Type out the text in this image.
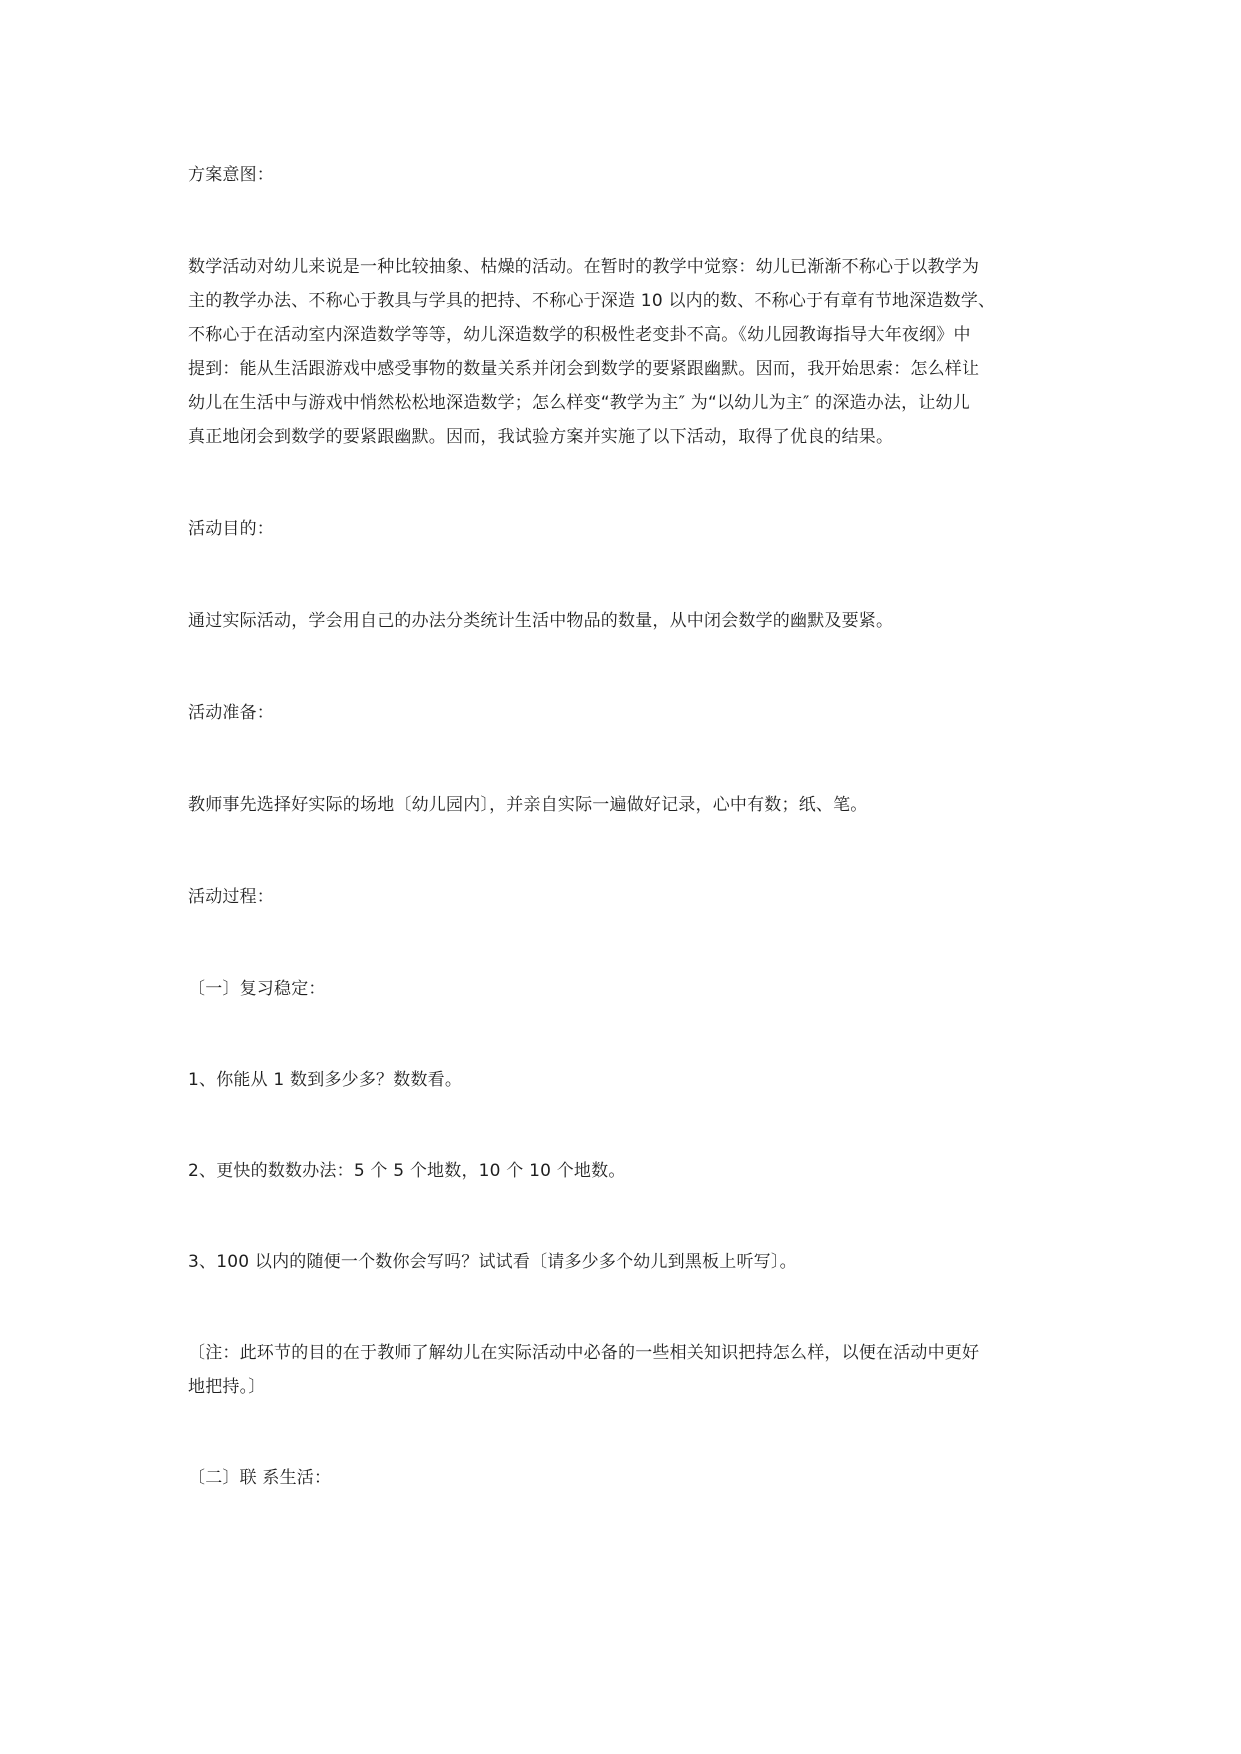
方案意图：
数学活动对幼儿来说是一种比较抽象、枯燥的活动。在暂时的教学中觉察：幼儿已渐渐不称心于以教学为
主的教学办法、不称心于教具与学具的把持、不称心于深造 10 以内的数、不称心于有章有节地深造数学、
不称心于在活动室内深造数学等等，幼儿深造数学的积极性老变卦不高。《幼儿园教诲指导大年夜纲》中
提到：能从生活跟游戏中感受事物的数量关系并闭会到数学的要紧跟幽默。因而，我开始思索：怎么样让
幼儿在生活中与游戏中悄然松松地深造数学；怎么样变“教学为主″ 为“以幼儿为主″ 的深造办法，让幼儿
真正地闭会到数学的要紧跟幽默。因而，我试验方案并实施了以下活动，取得了优良的结果。
活动目的：
通过实际活动，学会用自己的办法分类统计生活中物品的数量，从中闭会数学的幽默及要紧。
活动准备：
教师事先选择好实际的场地〔幼儿园内〕，并亲自实际一遍做好记录，心中有数；纸、笔。
活动过程：
〔一〕复习稳定：
1、你能从 1 数到多少多？数数看。
2、更快的数数办法：5 个 5 个地数，10 个 10 个地数。
3、100 以内的随便一个数你会写吗？试试看〔请多少多个幼儿到黑板上听写〕。
〔注：此环节的目的在于教师了解幼儿在实际活动中必备的一些相关知识把持怎么样，以便在活动中更好
地把持。〕
〔二〕联 系生活：
